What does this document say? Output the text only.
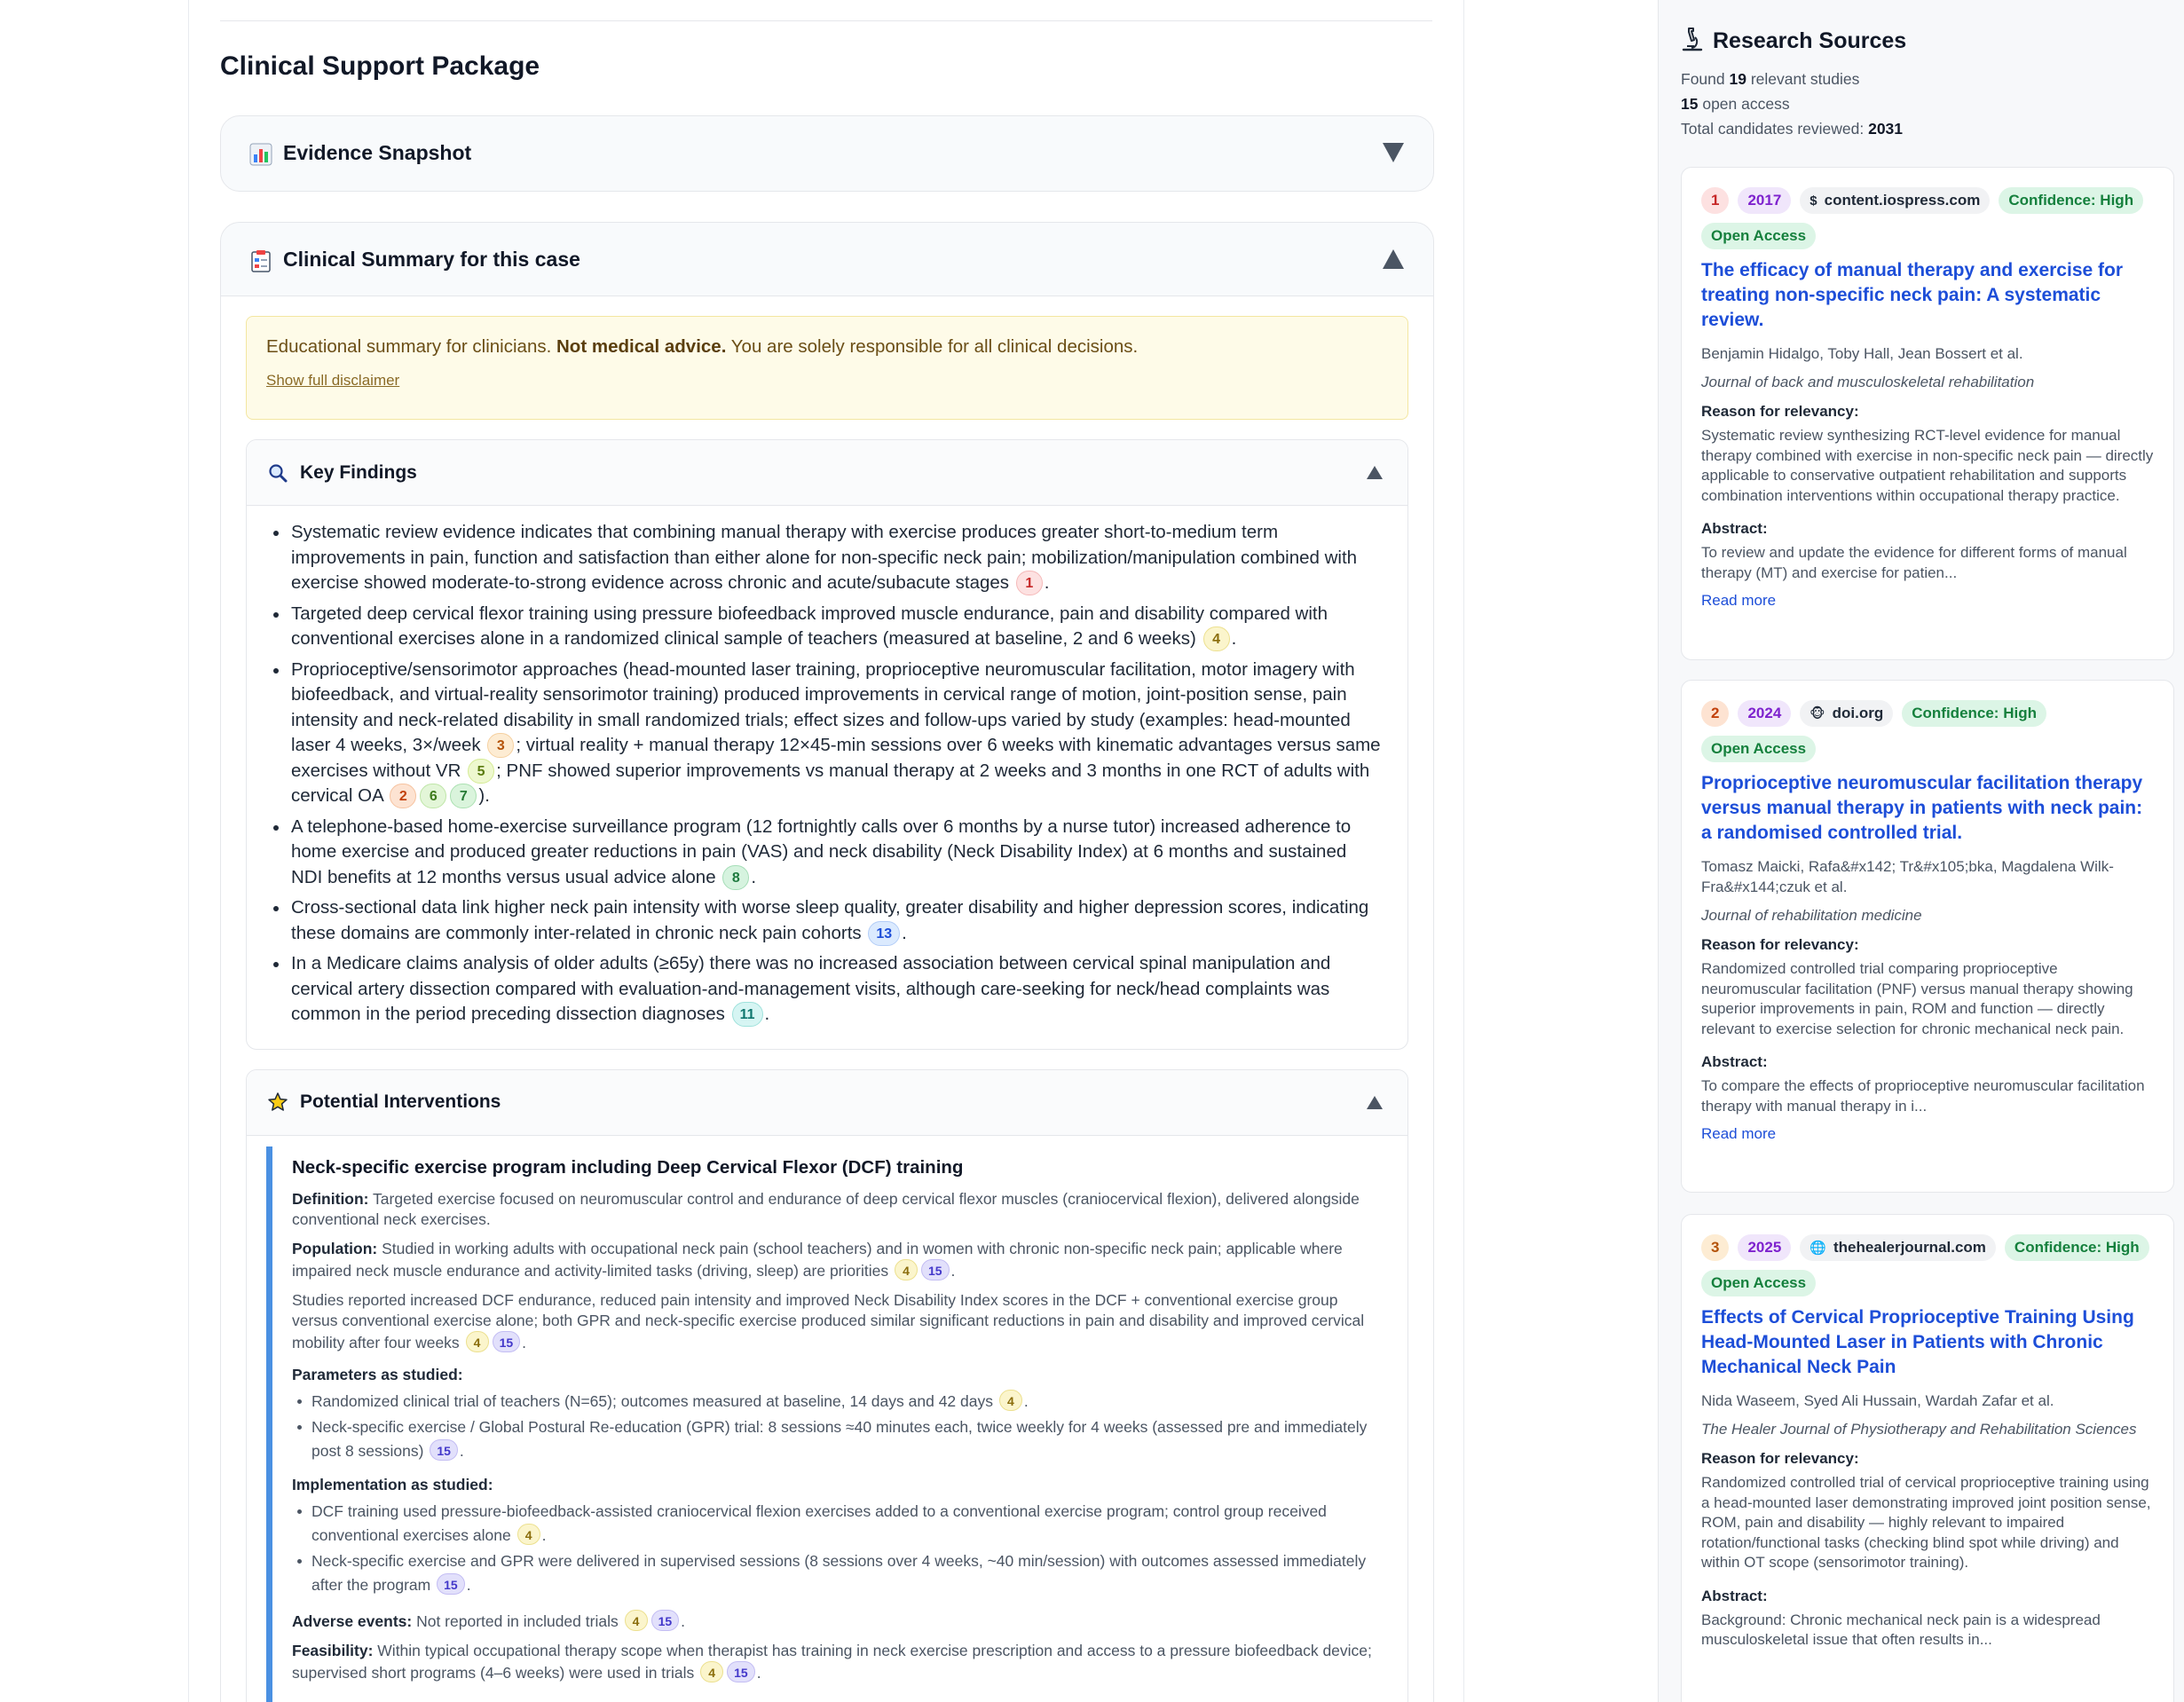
Clinical Support Package
Evidence Snapshot
Clinical Summary for this case
Educational summary for clinicians. Not medical advice. You are solely responsible for all clinical decisions.
Show full disclaimer
Key Findings
Systematic review evidence indicates that combining manual therapy with exercise produces greater short-to-medium term improvements in pain, function and satisfaction than either alone for non-specific neck pain; mobilization/manipulation combined with exercise showed moderate-to-strong evidence across chronic and acute/subacute stages 1 .
Targeted deep cervical flexor training using pressure biofeedback improved muscle endurance, pain and disability compared with conventional exercises alone in a randomized clinical sample of teachers (measured at baseline, 2 and 6 weeks) 4 .
Proprioceptive/sensorimotor approaches (head-mounted laser training, proprioceptive neuromuscular facilitation, motor imagery with biofeedback, and virtual-reality sensorimotor training) produced improvements in cervical range of motion, joint-position sense, pain intensity and neck-related disability in small randomized trials; effect sizes and follow-ups varied by study (examples: head-mounted laser 4 weeks, 3×/week 3 ; virtual reality + manual therapy 12×45-min sessions over 6 weeks with kinematic advantages versus same exercises without VR 5 ; PNF showed superior improvements vs manual therapy at 2 weeks and 3 months in one RCT of adults with cervical OA 2 6 7 ).
A telephone-based home-exercise surveillance program (12 fortnightly calls over 6 months by a nurse tutor) increased adherence to home exercise and produced greater reductions in pain (VAS) and neck disability (Neck Disability Index) at 6 months and sustained NDI benefits at 12 months versus usual advice alone 8 .
Cross-sectional data link higher neck pain intensity with worse sleep quality, greater disability and higher depression scores, indicating these domains are commonly inter-related in chronic neck pain cohorts 13 .
In a Medicare claims analysis of older adults (≥65y) there was no increased association between cervical spinal manipulation and cervical artery dissection compared with evaluation-and-management visits, although care-seeking for neck/head complaints was common in the period preceding dissection diagnoses 11 .
Potential Interventions
Neck-specific exercise program including Deep Cervical Flexor (DCF) training

Definition: Targeted exercise focused on neuromuscular control and endurance of deep cervical flexor muscles (craniocervical flexion), delivered alongside conventional neck exercises.

Population: Studied in working adults with occupational neck pain (school teachers) and in women with chronic non-specific neck pain; applicable where impaired neck muscle endurance and activity-limited tasks (driving, sleep) are priorities 4 15 .

Studies reported increased DCF endurance, reduced pain intensity and improved Neck Disability Index scores in the DCF + conventional exercise group versus conventional exercise alone; both GPR and neck-specific exercise produced similar significant reductions in pain and disability and improved cervical mobility after four weeks 4 15 .

Parameters as studied:
Randomized clinical trial of teachers (N=65); outcomes measured at baseline, 14 days and 42 days 4 .
Neck-specific exercise / Global Postural Re-education (GPR) trial: 8 sessions ≈40 minutes each, twice weekly for 4 weeks (assessed pre and immediately post 8 sessions) 15 .
Implementation as studied:
DCF training used pressure-biofeedback-assisted craniocervical flexion exercises added to a conventional exercise program; control group received conventional exercises alone 4 .
Neck-specific exercise and GPR were delivered in supervised sessions (8 sessions over 4 weeks, ~40 min/session) with outcomes assessed immediately after the program 15 .

Adverse events: Not reported in included trials 4 15 .

Feasibility: Within typical occupational therapy scope when therapist has training in neck exercise prescription and access to a pressure biofeedback device; supervised short programs (4–6 weeks) were used in trials 4 15 .

Research Sources
Found 19 relevant studies
15 open access
Total candidates reviewed: 2031
1	2017	$ content.iospress.com	Confidence: High
Open Access
The efficacy of manual therapy and exercise for treating non-specific neck pain: A systematic review.
Benjamin Hidalgo, Toby Hall, Jean Bossert et al.
Journal of back and musculoskeletal rehabilitation
Reason for relevancy:
Systematic review synthesizing RCT-level evidence for manual therapy combined with exercise in non-specific neck pain — directly applicable to conservative outpatient rehabilitation and supports combination interventions within occupational therapy practice.
Abstract:
To review and update the evidence for different forms of manual therapy (MT) and exercise for patien...
Read more
2	2024	🐵 doi.org	Confidence: High
Open Access
Proprioceptive neuromuscular facilitation therapy versus manual therapy in patients with neck pain: a randomised controlled trial.
Tomasz Maicki, Rafa&#x142; Tr&#x105;bka, Magdalena Wilk-Fra&#x144;czuk et al.
Journal of rehabilitation medicine
Reason for relevancy:
Randomized controlled trial comparing proprioceptive neuromuscular facilitation (PNF) versus manual therapy showing superior improvements in pain, ROM and function — directly relevant to exercise selection for chronic mechanical neck pain.
Abstract:
To compare the effects of proprioceptive neuromuscular facilitation therapy with manual therapy in i...
Read more
3	2025	🌐 thehealerjournal.com	Confidence: High
Open Access
Effects of Cervical Proprioceptive Training Using Head-Mounted Laser in Patients with Chronic Mechanical Neck Pain
Nida Waseem, Syed Ali Hussain, Wardah Zafar et al.
The Healer Journal of Physiotherapy and Rehabilitation Sciences
Reason for relevancy:
Randomized controlled trial of cervical proprioceptive training using a head-mounted laser demonstrating improved joint position sense, ROM, pain and disability — highly relevant to impaired rotation/functional tasks (checking blind spot while driving) and within OT scope (sensorimotor training).
Abstract:
Background: Chronic mechanical neck pain is a widespread musculoskeletal issue that often results in...
